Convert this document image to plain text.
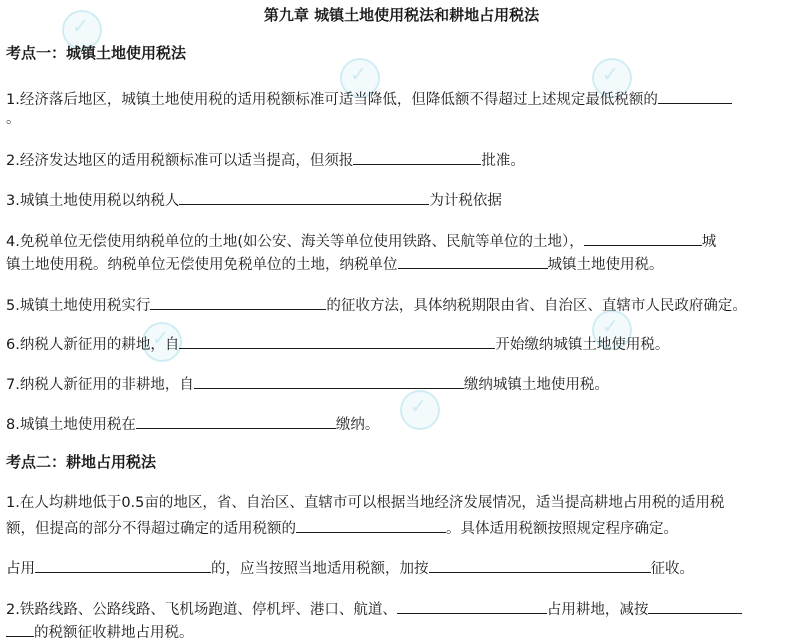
✓
✓
✓
✓
✓
✓
第九章 城镇土地使用税法和耕地占用税法
考点一：城镇土地使用税法
1.经济落后地区，城镇土地使用税的适用税额标准可适当降低，但降低额不得超过上述规定最低税额的
。
2.经济发达地区的适用税额标准可以适当提高，但须报	批准。
3.城镇土地使用税以纳税人	为计税依据
4.免税单位无偿使用纳税单位的土地(如公安、海关等单位使用铁路、民航等单位的土地），	城
镇土地使用税。纳税单位无偿使用免税单位的土地，纳税单位	城镇土地使用税。
5.城镇土地使用税实行	的征收方法，具体纳税期限由省、自治区、直辖市人民政府确定。
6.纳税人新征用的耕地，自	开始缴纳城镇土地使用税。
7.纳税人新征用的非耕地，自	缴纳城镇土地使用税。
8.城镇土地使用税在	缴纳。
考点二：耕地占用税法
1.在人均耕地低于0.5亩的地区，省、自治区、直辖市可以根据当地经济发展情况，适当提高耕地占用税的适用税
额，但提高的部分不得超过确定的适用税额的	。具体适用税额按照规定程序确定。
占用	的，应当按照当地适用税额，加按	征收。
2.铁路线路、公路线路、飞机场跑道、停机坪、港口、航道、	占用耕地，减按
的税额征收耕地占用税。
